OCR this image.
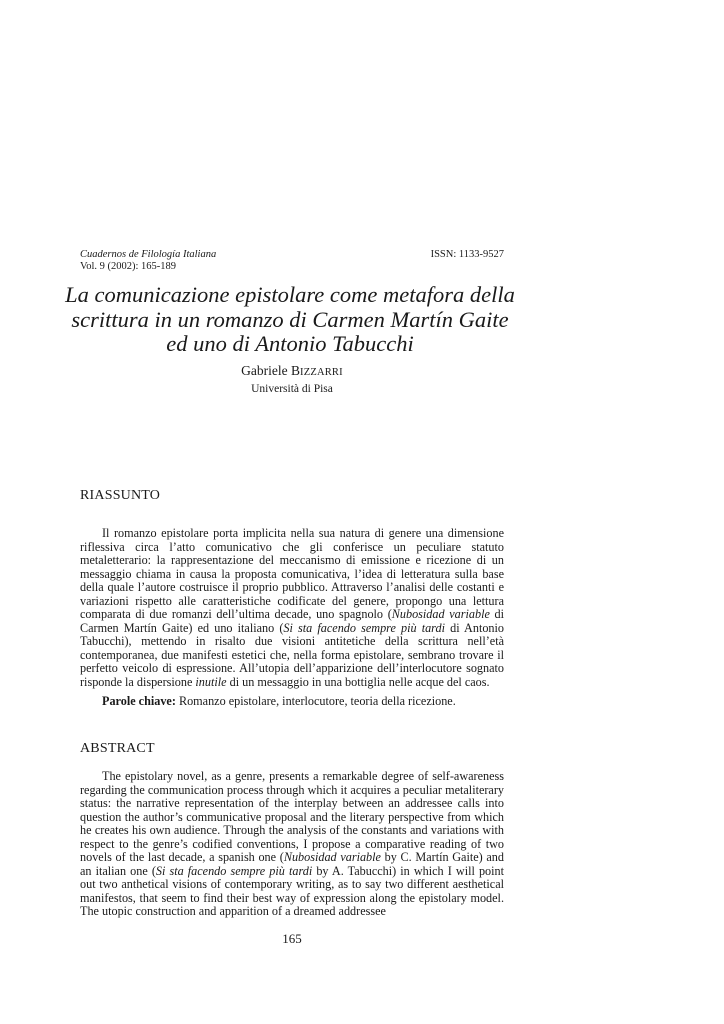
Cuadernos de Filología Italiana
Vol. 9 (2002): 165-189
ISSN: 1133-9527
La comunicazione epistolare come metafora della
scrittura in un romanzo di Carmen Martín Gaite
ed uno di Antonio Tabucchi
Gabriele BIZZARRI
Università di Pisa
RIASSUNTO

Il romanzo epistolare porta implicita nella sua natura di genere una dimensione riflessiva circa l’atto comunicativo che gli conferisce un peculiare statuto metaletterario: la rappresentazione del meccanismo di emissione e ricezione di un messaggio chiama in causa la proposta comunicativa, l’idea di letteratura sulla base della quale l’autore costruisce il proprio pubblico. Attraverso l’analisi delle costanti e variazioni rispetto alle caratteristiche codificate del genere, propongo una lettura comparata di due romanzi dell’ultima decade, uno spagnolo (Nubosidad variable di Carmen Martín Gaite) ed uno italiano (Si sta facendo sempre più tardi di Antonio Tabucchi), mettendo in risalto due visioni antitetiche della scrittura nell’età contemporanea, due manifesti estetici che, nella forma epistolare, sembrano trovare il perfetto veicolo di espressione. All’utopia dell’apparizione dell’interlocutore sognato risponde la dispersione inutile di un messaggio in una bottiglia nelle acque del caos.

Parole chiave: Romanzo epistolare, interlocutore, teoria della ricezione.
ABSTRACT

The epistolary novel, as a genre, presents a remarkable degree of self-awareness regarding the communication process through which it acquires a peculiar metaliterary status: the narrative representation of the interplay between an addressee calls into question the author’s communicative proposal and the literary perspective from which he creates his own audience. Through the analysis of the constants and variations with respect to the genre’s codified conventions, I propose a comparative reading of two novels of the last decade, a spanish one (Nubosidad variable by C. Martín Gaite) and an italian one (Si sta facendo sempre più tardi by A. Tabucchi) in which I will point out two anthetical visions of contemporary writing, as to say two different aesthetical manifestos, that seem to find their best way of expression along the epistolary model. The utopic construction and apparition of a dreamed addressee

165
